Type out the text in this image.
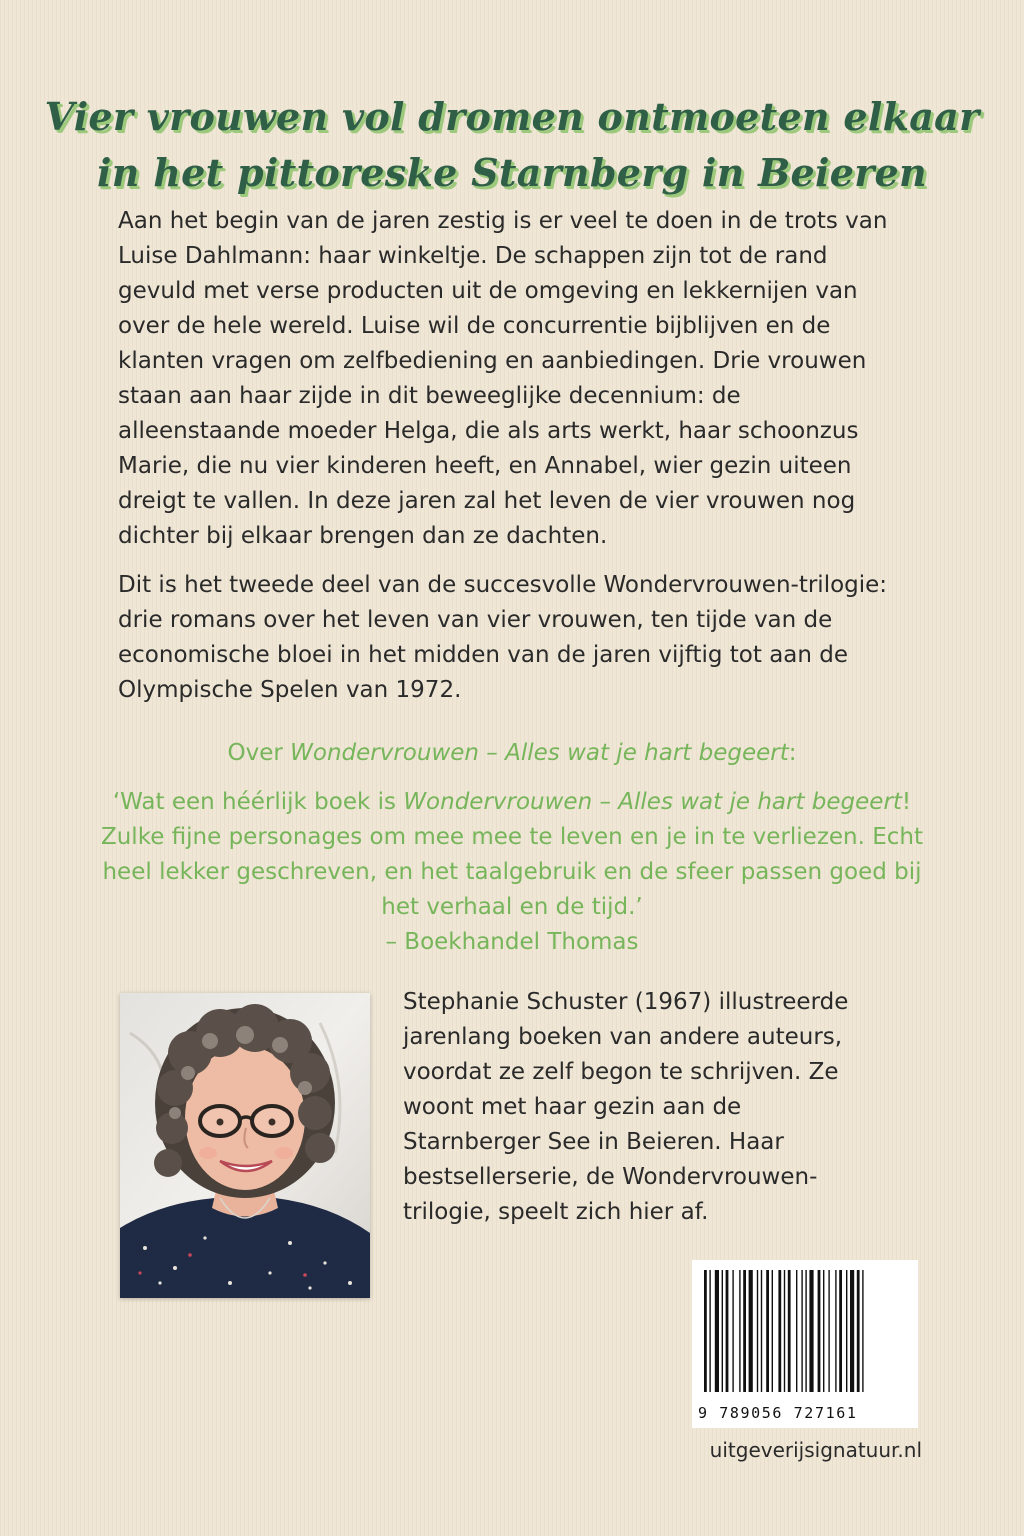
Vier vrouwen vol dromen ontmoeten elkaar
in het pittoreske Starnberg in Beieren

Aan het begin van de jaren zestig is er veel te doen in de trots van Luise Dahlmann: haar winkeltje. De schappen zijn tot de rand gevuld met verse producten uit de omgeving en lekkernijen van over de hele wereld. Luise wil de concurrentie bijblijven en de klanten vragen om zelfbediening en aanbiedingen. Drie vrouwen staan aan haar zijde in dit beweeglijke decennium: de alleenstaande moeder Helga, die als arts werkt, haar schoonzus Marie, die nu vier kinderen heeft, en Annabel, wier gezin uiteen dreigt te vallen. In deze jaren zal het leven de vier vrouwen nog dichter bij elkaar brengen dan ze dachten.

Dit is het tweede deel van de succesvolle Wondervrouwen-trilogie: drie romans over het leven van vier vrouwen, ten tijde van de economische bloei in het midden van de jaren vijftig tot aan de Olympische Spelen van 1972.

Over Wondervrouwen – Alles wat je hart begeert:
‘Wat een héérlijk boek is Wondervrouwen – Alles wat je hart begeert! Zulke fijne personages om mee mee te leven en je in te verliezen. Echt heel lekker geschreven, en het taalgebruik en de sfeer passen goed bij het verhaal en de tijd.’
– Boekhandel Thomas
Stephanie Schuster (1967) illustreerde jarenlang boeken van andere auteurs, voordat ze zelf begon te schrijven. Ze woont met haar gezin aan de Starnberger See in Beieren. Haar bestsellerserie, de Wondervrouwen-trilogie, speelt zich hier af.
9 789056 727161
uitgeverijsignatuur.nl
